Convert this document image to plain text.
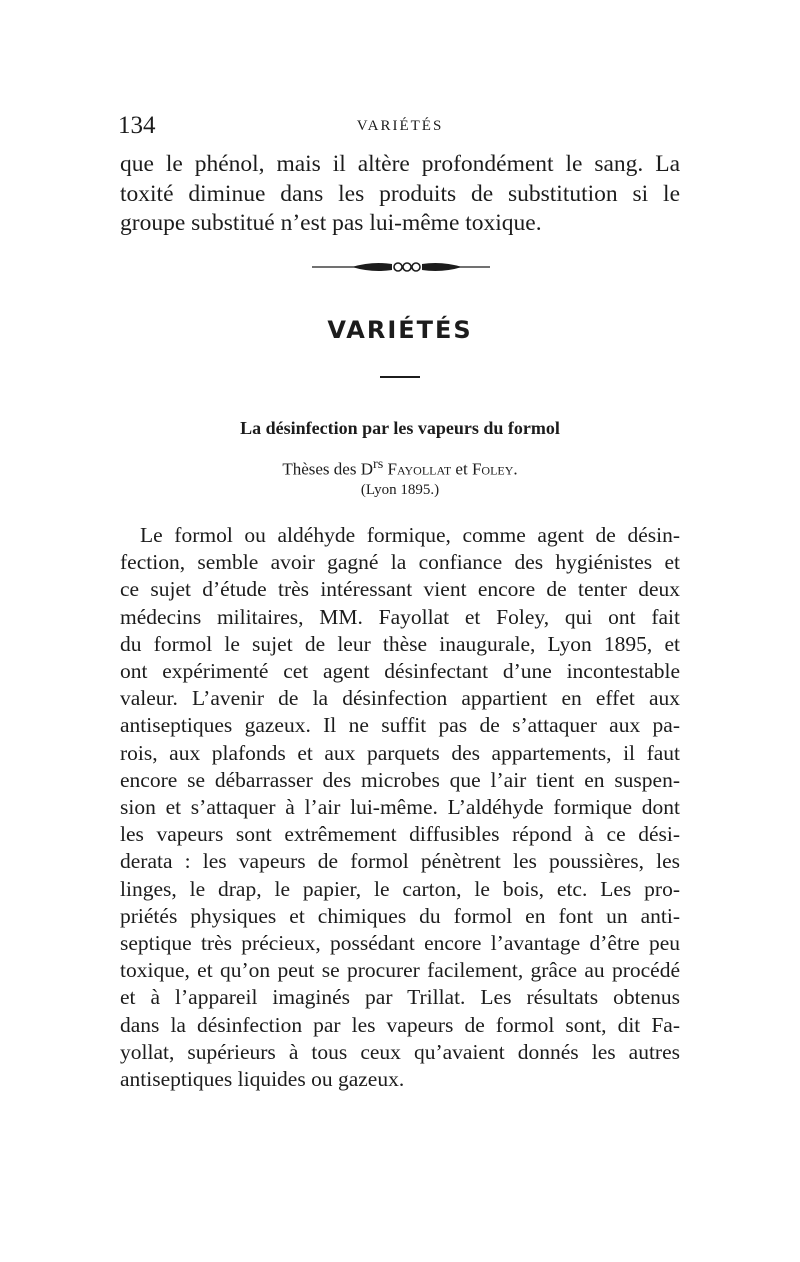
134	VARIÉTÉS

que le phénol, mais il altère profondément le sang. La
toxité diminue dans les produits de substitution si le
groupe substitué n’est pas lui-même toxique.

VARIÉTÉS
La désinfection par les vapeurs du formol

Thèses des $D^{rs}$ Fayollat et Foley.

(Lyon 1895.)

Le formol ou aldéhyde formique, comme agent de désin-
fection, semble avoir gagné la confiance des hygiénistes et
ce sujet d’étude très intéressant vient encore de tenter deux
médecins militaires, MM. Fayollat et Foley, qui ont fait
du formol le sujet de leur thèse inaugurale, Lyon 1895, et
ont expérimenté cet agent désinfectant d’une incontestable
valeur. L’avenir de la désinfection appartient en effet aux
antiseptiques gazeux. Il ne suffit pas de s’attaquer aux pa-
rois, aux plafonds et aux parquets des appartements, il faut
encore se débarrasser des microbes que l’air tient en suspen-
sion et s’attaquer à l’air lui-même. L’aldéhyde formique dont
les vapeurs sont extrêmement diffusibles répond à ce dési-
derata : les vapeurs de formol pénètrent les poussières, les
linges, le drap, le papier, le carton, le bois, etc. Les pro-
priétés physiques et chimiques du formol en font un anti-
septique très précieux, possédant encore l’avantage d’être peu
toxique, et qu’on peut se procurer facilement, grâce au procédé
et à l’appareil imaginés par Trillat. Les résultats obtenus
dans la désinfection par les vapeurs de formol sont, dit Fa-
yollat, supérieurs à tous ceux qu’avaient donnés les autres
antiseptiques liquides ou gazeux.
